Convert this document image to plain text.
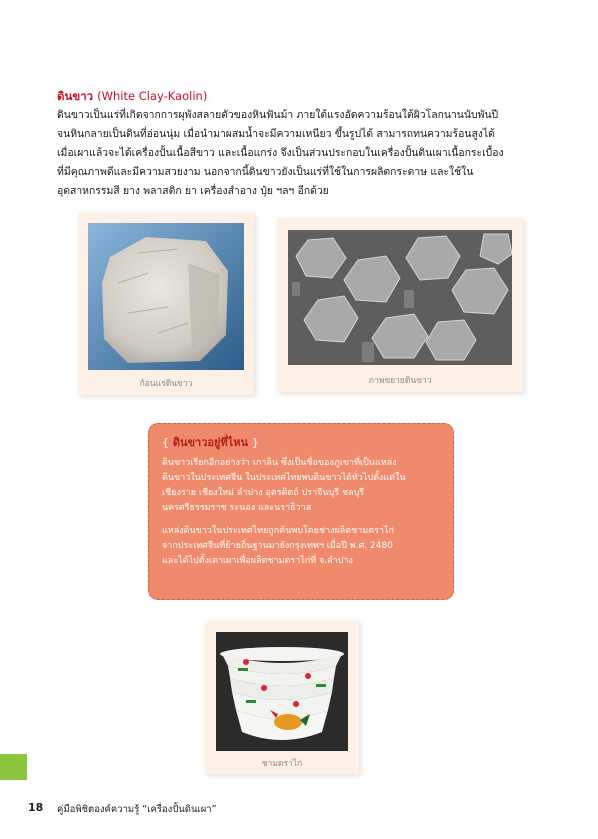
ดินขาว (White Clay-Kaolin)
ดินขาวเป็นแร่ที่เกิดจากการผุพังสลายตัวของหินฟันม้า ภายใต้แรงอัดความร้อนใต้ผิวโลกนานนับพันปี
จนหินกลายเป็นดินที่อ่อนนุ่ม เมื่อนำมาผสมน้ำจะมีความเหนียว ขึ้นรูปได้ สามารถทนความร้อนสูงได้
เมื่อเผาแล้วจะได้เครื่องปั้นเนื้อสีขาว และเนื้อแกร่ง จึงเป็นส่วนประกอบในเครื่องปั้นดินเผาเนื้อกระเบื้อง
ที่มีคุณภาพดีและมีความสวยงาม นอกจากนี้ดินขาวยังเป็นแร่ที่ใช้ในการผลิตกระดาษ และใช้ใน
อุตสาหกรรมสี ยาง พลาสติก ยา เครื่องสำอาง ปุ๋ย ฯลฯ อีกด้วย
ก้อนแร่ดินขาว	ภาพขยายดินขาว
{ ดินขาวอยู่ที่ไหน }

ดินขาวเรียกอีกอย่างว่า เกาลิน ซึ่งเป็นชื่อของภูเขาที่เป็นแหล่ง
ดินขาวในประเทศจีน ในประเทศไทยพบดินขาวได้ทั่วไปตั้งแต่ใน
เชียงราย เชียงใหม่ ลำปาง อุตรดิตถ์ ปราจีนบุรี ชลบุรี
นครศรีธรรมราช ระนอง และนราธิวาส

แหล่งดินขาวในประเทศไทยถูกค้นพบโดยช่างผลิตชามตราไก่
จากประเทศจีนที่ย้ายถิ่นฐานมายังกรุงเทพฯ เมื่อปี พ.ศ. 2480
และได้ไปตั้งเตาเผาเพื่อผลิตชามตราไก่ที่ จ.ลำปาง

ชามตราไก่
18 คู่มือพิชิตองค์ความรู้ “เครื่องปั้นดินเผา”
